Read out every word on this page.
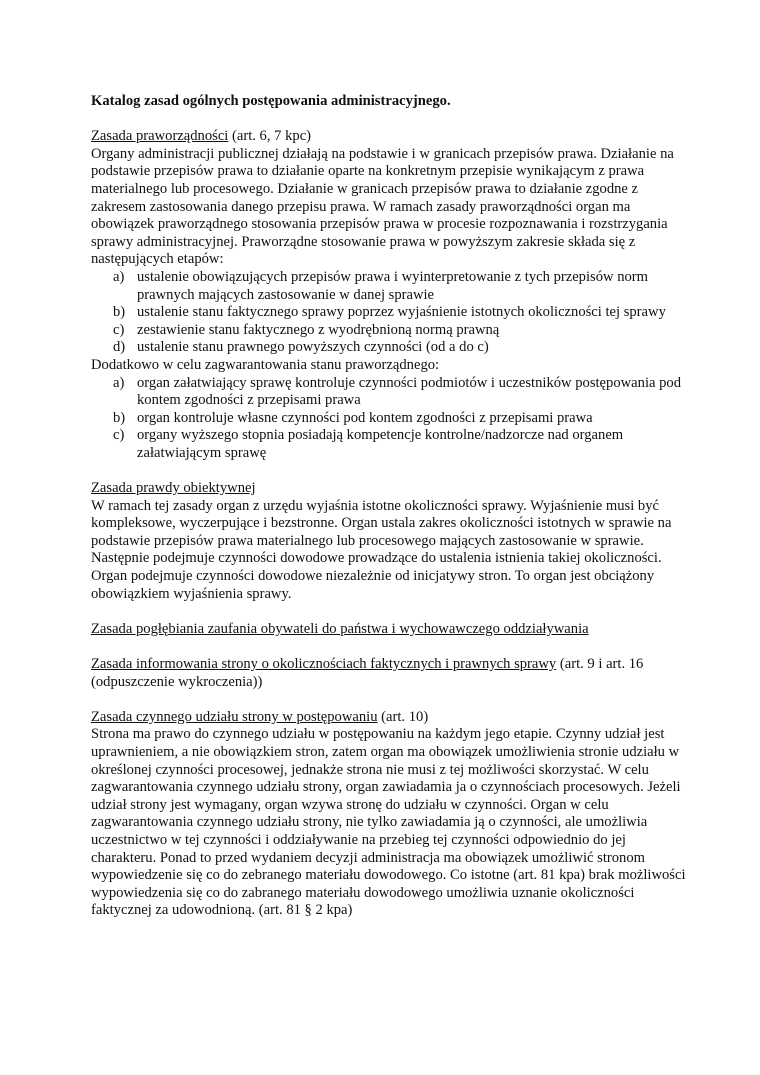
Katalog zasad ogólnych postępowania administracyjnego.

Zasada praworządności (art. 6, 7 kpc)

Organy administracji publicznej działają na podstawie i w granicach przepisów prawa. Działanie na podstawie przepisów prawa to działanie oparte na konkretnym przepisie wynikającym z prawa materialnego lub procesowego. Działanie w granicach przepisów prawa to działanie zgodne z zakresem zastosowania danego przepisu prawa. W ramach zasady praworządności organ ma obowiązek praworządnego stosowania przepisów prawa w procesie rozpoznawania i rozstrzygania sprawy administracyjnej. Praworządne stosowanie prawa w powyższym zakresie składa się z następujących etapów:

a) ustalenie obowiązujących przepisów prawa i wyinterpretowanie z tych przepisów norm prawnych mających zastosowanie w danej sprawie
b) ustalenie stanu faktycznego sprawy poprzez wyjaśnienie istotnych okoliczności tej sprawy
c) zestawienie stanu faktycznego z wyodrębnioną normą prawną
d) ustalenie stanu prawnego powyższych czynności (od a do c)

Dodatkowo w celu zagwarantowania stanu praworządnego:

a) organ załatwiający sprawę kontroluje czynności podmiotów i uczestników postępowania pod kontem zgodności z przepisami prawa
b) organ kontroluje własne czynności pod kontem zgodności z przepisami prawa
c) organy wyższego stopnia posiadają kompetencje kontrolne/nadzorcze nad organem załatwiającym sprawę

Zasada prawdy obiektywnej

W ramach tej zasady organ z urzędu wyjaśnia istotne okoliczności sprawy. Wyjaśnienie musi być kompleksowe, wyczerpujące i bezstronne. Organ ustala zakres okoliczności istotnych w sprawie na podstawie przepisów prawa materialnego lub procesowego mających zastosowanie w sprawie. Następnie podejmuje czynności dowodowe prowadzące do ustalenia istnienia takiej okoliczności. Organ podejmuje czynności dowodowe niezależnie od inicjatywy stron. To organ jest obciążony obowiązkiem wyjaśnienia sprawy.

Zasada pogłębiania zaufania obywateli do państwa i wychowawczego oddziaływania

Zasada informowania strony o okolicznościach faktycznych i prawnych sprawy (art. 9 i art. 16 (odpuszczenie wykroczenia))

Zasada czynnego udziału strony w postępowaniu (art. 10)

Strona ma prawo do czynnego udziału w postępowaniu na każdym jego etapie. Czynny udział jest uprawnieniem, a nie obowiązkiem stron, zatem organ ma obowiązek umożliwienia stronie udziału w określonej czynności procesowej, jednakże strona nie musi z tej możliwości skorzystać. W celu zagwarantowania czynnego udziału strony, organ zawiadamia ja o czynnościach procesowych. Jeżeli udział strony jest wymagany, organ wzywa stronę do udziału w czynności. Organ w celu zagwarantowania czynnego udziału strony, nie tylko zawiadamia ją o czynności, ale umożliwia uczestnictwo w tej czynności i oddziaływanie na przebieg tej czynności odpowiednio do jej charakteru. Ponad to przed wydaniem decyzji administracja ma obowiązek umożliwić stronom wypowiedzenie się co do zebranego materiału dowodowego. Co istotne (art. 81 kpa) brak możliwości wypowiedzenia się co do zabranego materiału dowodowego umożliwia uznanie okoliczności faktycznej za udowodnioną. (art. 81 § 2 kpa)
